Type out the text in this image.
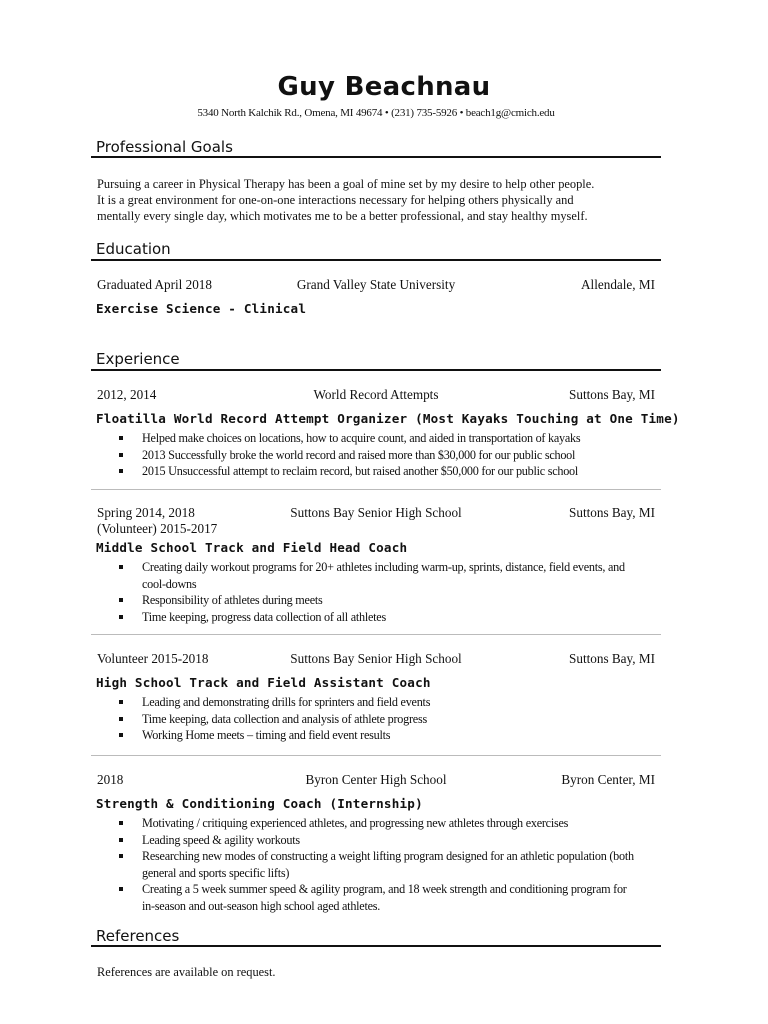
Guy Beachnau
5340 North Kalchik Rd., Omena, MI 49674 • (231) 735-5926 • beach1g@cmich.edu
Professional Goals
Pursuing a career in Physical Therapy has been a goal of mine set by my desire to help other people.
It is a great environment for one-on-one interactions necessary for helping others physically and
mentally every single day, which motivates me to be a better professional, and stay healthy myself.
Education
Graduated April 2018	Grand Valley State University	Allendale, MI
Exercise Science - Clinical
Experience
2012, 2014	World Record Attempts	Suttons Bay, MI
Floatilla World Record Attempt Organizer (Most Kayaks Touching at One Time)
Helped make choices on locations, how to acquire count, and aided in transportation of kayaks
2013 Successfully broke the world record and raised more than $30,000 for our public school
2015 Unsuccessful attempt to reclaim record, but raised another $50,000 for our public school
Spring 2014, 2018	Suttons Bay Senior High School	Suttons Bay, MI
(Volunteer) 2015-2017
Middle School Track and Field Head Coach
Creating daily workout programs for 20+ athletes including warm-up, sprints, distance, field events, and cool-downs
Responsibility of athletes during meets
Time keeping, progress data collection of all athletes
Volunteer 2015-2018	Suttons Bay Senior High School	Suttons Bay, MI
High School Track and Field Assistant Coach
Leading and demonstrating drills for sprinters and field events
Time keeping, data collection and analysis of athlete progress
Working Home meets – timing and field event results
2018	Byron Center High School	Byron Center, MI
Strength & Conditioning Coach (Internship)
Motivating / critiquing experienced athletes, and progressing new athletes through exercises
Leading speed & agility workouts
Researching new modes of constructing a weight lifting program designed for an athletic population (both general and sports specific lifts)
Creating a 5 week summer speed & agility program, and 18 week strength and conditioning program for in-season and out-season high school aged athletes.
References
References are available on request.
